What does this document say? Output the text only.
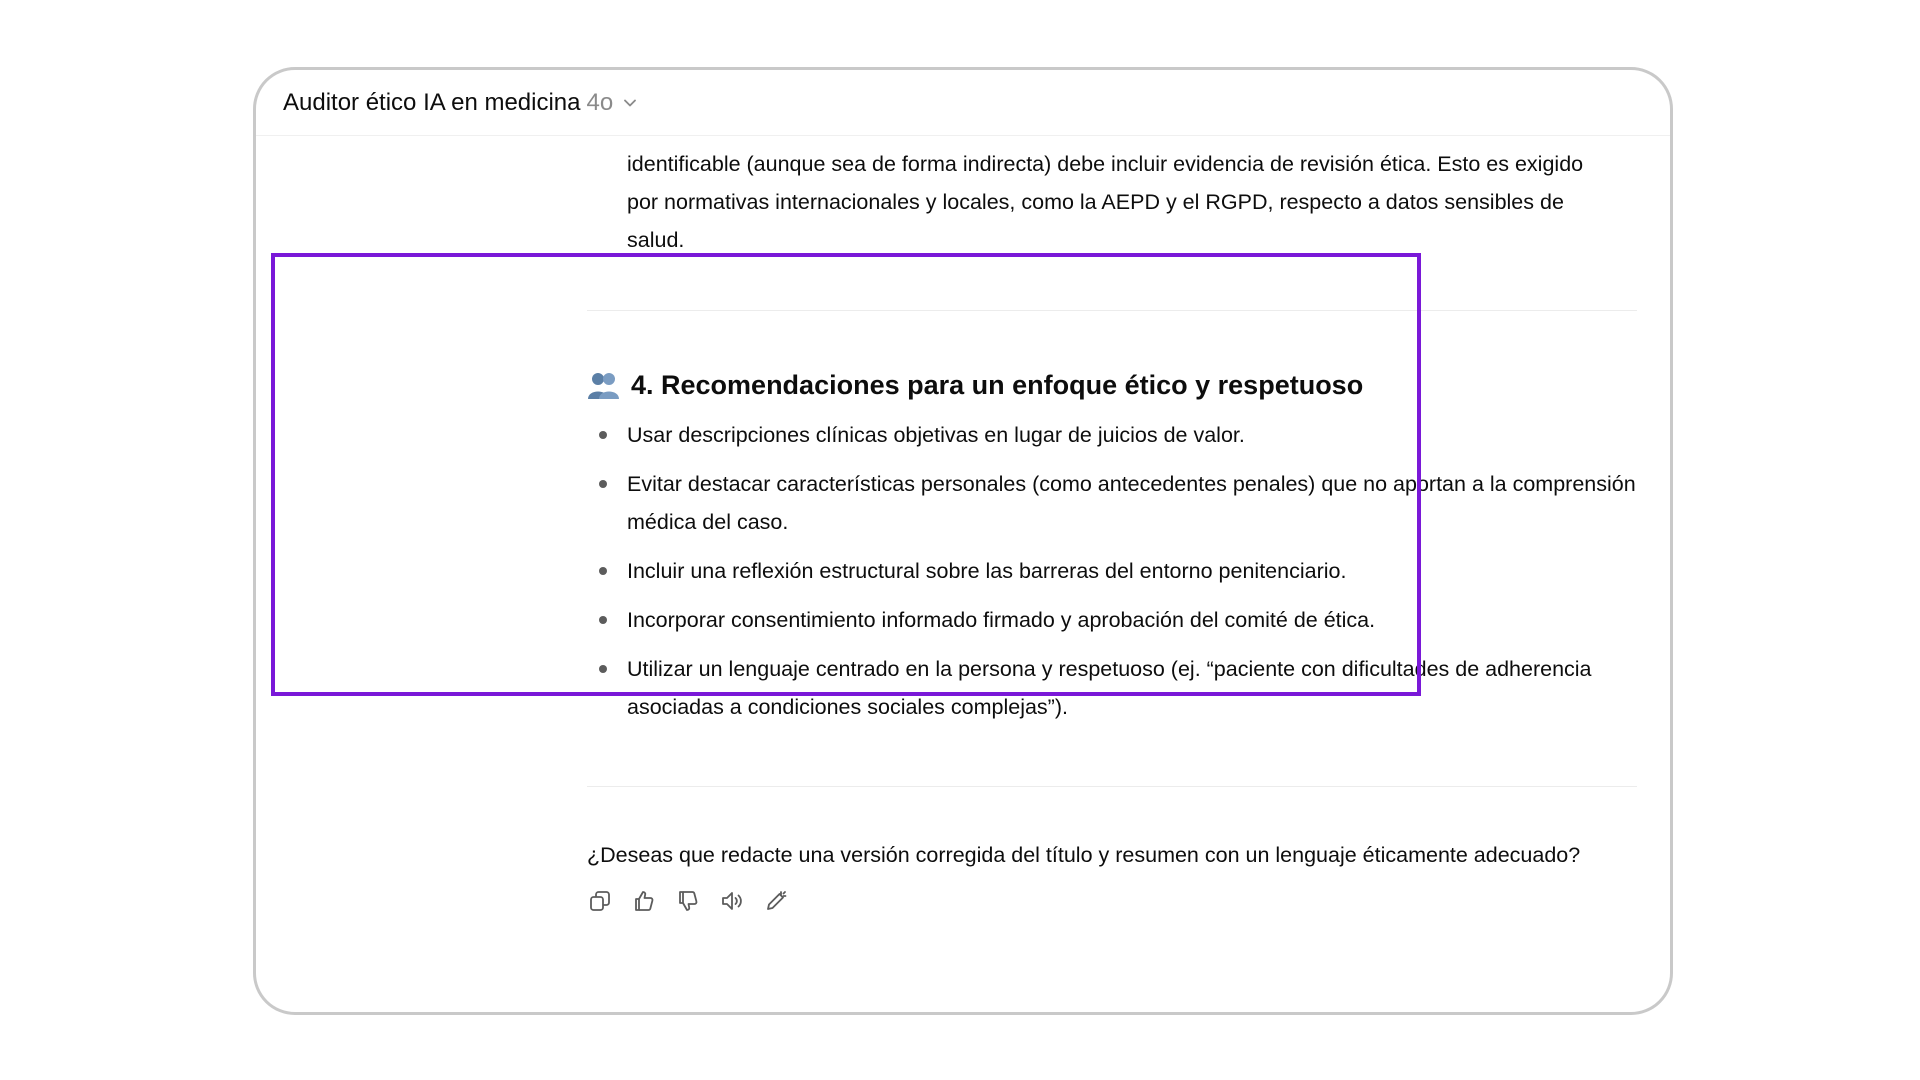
Auditor ético IA en medicina 4o
identificable (aunque sea de forma indirecta) debe incluir evidencia de revisión ética. Esto es exigido
por normativas internacionales y locales, como la AEPD y el RGPD, respecto a datos sensibles de
salud.
4. Recomendaciones para un enfoque ético y respetuoso
Usar descripciones clínicas objetivas en lugar de juicios de valor.
Evitar destacar características personales (como antecedentes penales) que no aportan a la comprensión médica del caso.
Incluir una reflexión estructural sobre las barreras del entorno penitenciario.
Incorporar consentimiento informado firmado y aprobación del comité de ética.
Utilizar un lenguaje centrado en la persona y respetuoso (ej. “paciente con dificultades de adherencia asociadas a condiciones sociales complejas”).
¿Deseas que redacte una versión corregida del título y resumen con un lenguaje éticamente adecuado?
